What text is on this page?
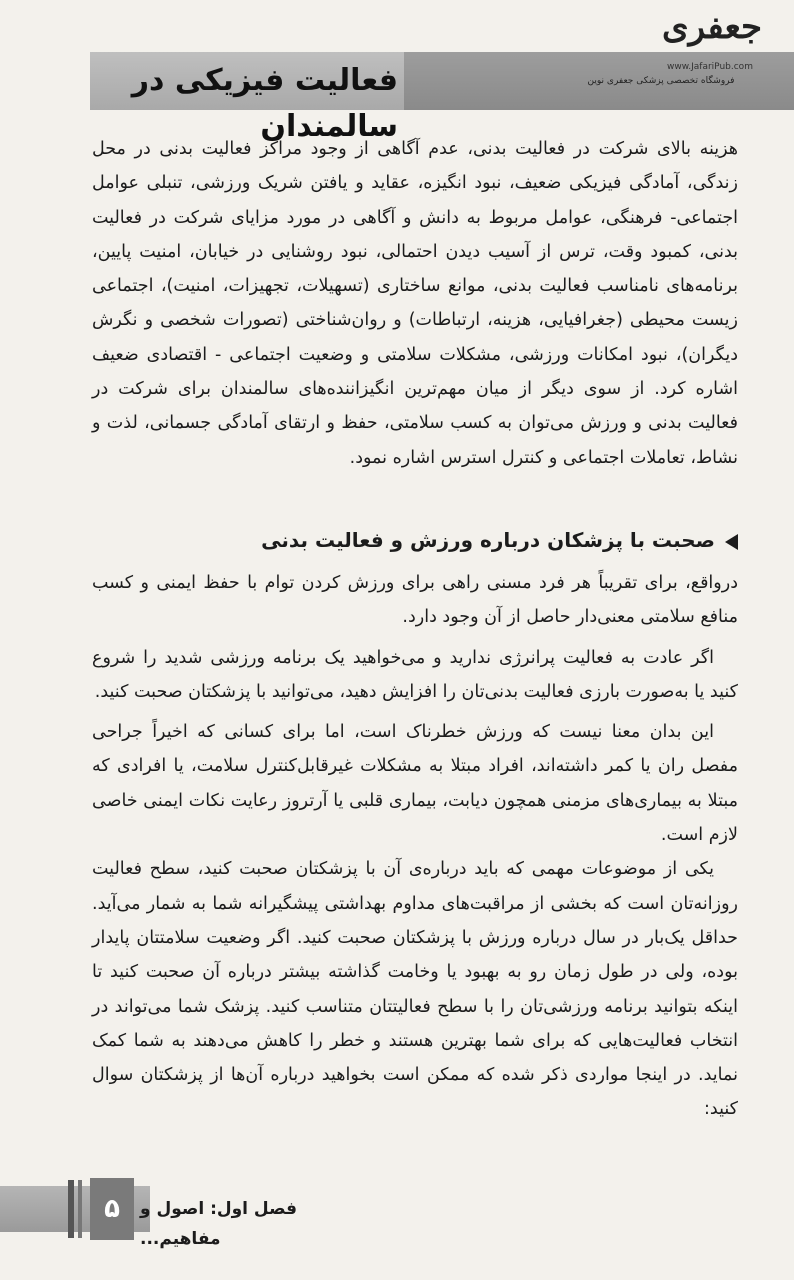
فعالیت فیزیکی در سالمندان
جعفری
www.JafariPub.com
فروشگاه تخصصی پزشکی جعفری نوین

هزینه بالای شرکت در فعالیت بدنی، عدم آگاهی از وجود مراکز فعالیت بدنی در محل زندگی، آمادگی فیزیکی ضعیف، نبود انگیزه، عقاید و یافتن شریک ورزشی، تنبلی عوامل اجتماعی- فرهنگی، عوامل مربوط به دانش و آگاهی در مورد مزایای شرکت در فعالیت بدنی، کمبود وقت، ترس از آسیب دیدن احتمالی، نبود روشنایی در خیابان، امنیت پایین، برنامه‌های نامناسب فعالیت بدنی، موانع ساختاری (تسهیلات، تجهیزات، امنیت)، اجتماعی زیست محیطی (جغرافیایی، هزینه، ارتباطات) و روان‌شناختی (تصورات شخصی و نگرش دیگران)، نبود امکانات ورزشی، مشکلات سلامتی و وضعیت اجتماعی - اقتصادی ضعیف اشاره کرد. از سوی دیگر از میان مهم‌ترین انگیزاننده‌های سالمندان برای شرکت در فعالیت بدنی و ورزش می‌توان به کسب سلامتی، حفظ و ارتقای آمادگی جسمانی، لذت و نشاط، تعاملات اجتماعی و کنترل استرس اشاره نمود.

صحبت با پزشکان درباره ورزش و فعالیت بدنی

درواقع، برای تقریباً هر فرد مسنی راهی برای ورزش کردن توام با حفظ ایمنی و کسب منافع سلامتی معنی‌دار حاصل از آن وجود دارد.

اگر عادت به فعالیت پرانرژی ندارید و می‌خواهید یک برنامه ورزشی شدید را شروع کنید یا به‌صورت بارزی فعالیت بدنی‌تان را افزایش دهید، می‌توانید با پزشکتان صحبت کنید.

این بدان معنا نیست که ورزش خطرناک است، اما برای کسانی که اخیراً جراحی مفصل ران یا کمر داشته‌اند، افراد مبتلا به مشکلات غیرقابل‌کنترل سلامت، یا افرادی که مبتلا به بیماری‌های مزمنی همچون دیابت، بیماری قلبی یا آرتروز رعایت نکات ایمنی خاصی لازم است.

یکی از موضوعات مهمی که باید درباره‌ی آن با پزشکتان صحبت کنید، سطح فعالیت روزانه‌تان است که بخشی از مراقبت‌های مداوم بهداشتی پیشگیرانه شما به شمار می‌آید. حداقل یک‌بار در سال درباره ورزش با پزشکتان صحبت کنید. اگر وضعیت سلامتتان پایدار بوده، ولی در طول زمان رو به بهبود یا وخامت گذاشته بیشتر درباره آن صحبت کنید تا اینکه بتوانید برنامه ورزشی‌تان را با سطح فعالیتتان متناسب کنید. پزشک شما می‌تواند در انتخاب فعالیت‌هایی که برای شما بهترین هستند و خطر را کاهش می‌دهند به شما کمک نماید. در اینجا مواردی ذکر شده که ممکن است بخواهید درباره آن‌ها از پزشکتان سوال کنید:

۵	فصل اول: اصول و مفاهیم...
